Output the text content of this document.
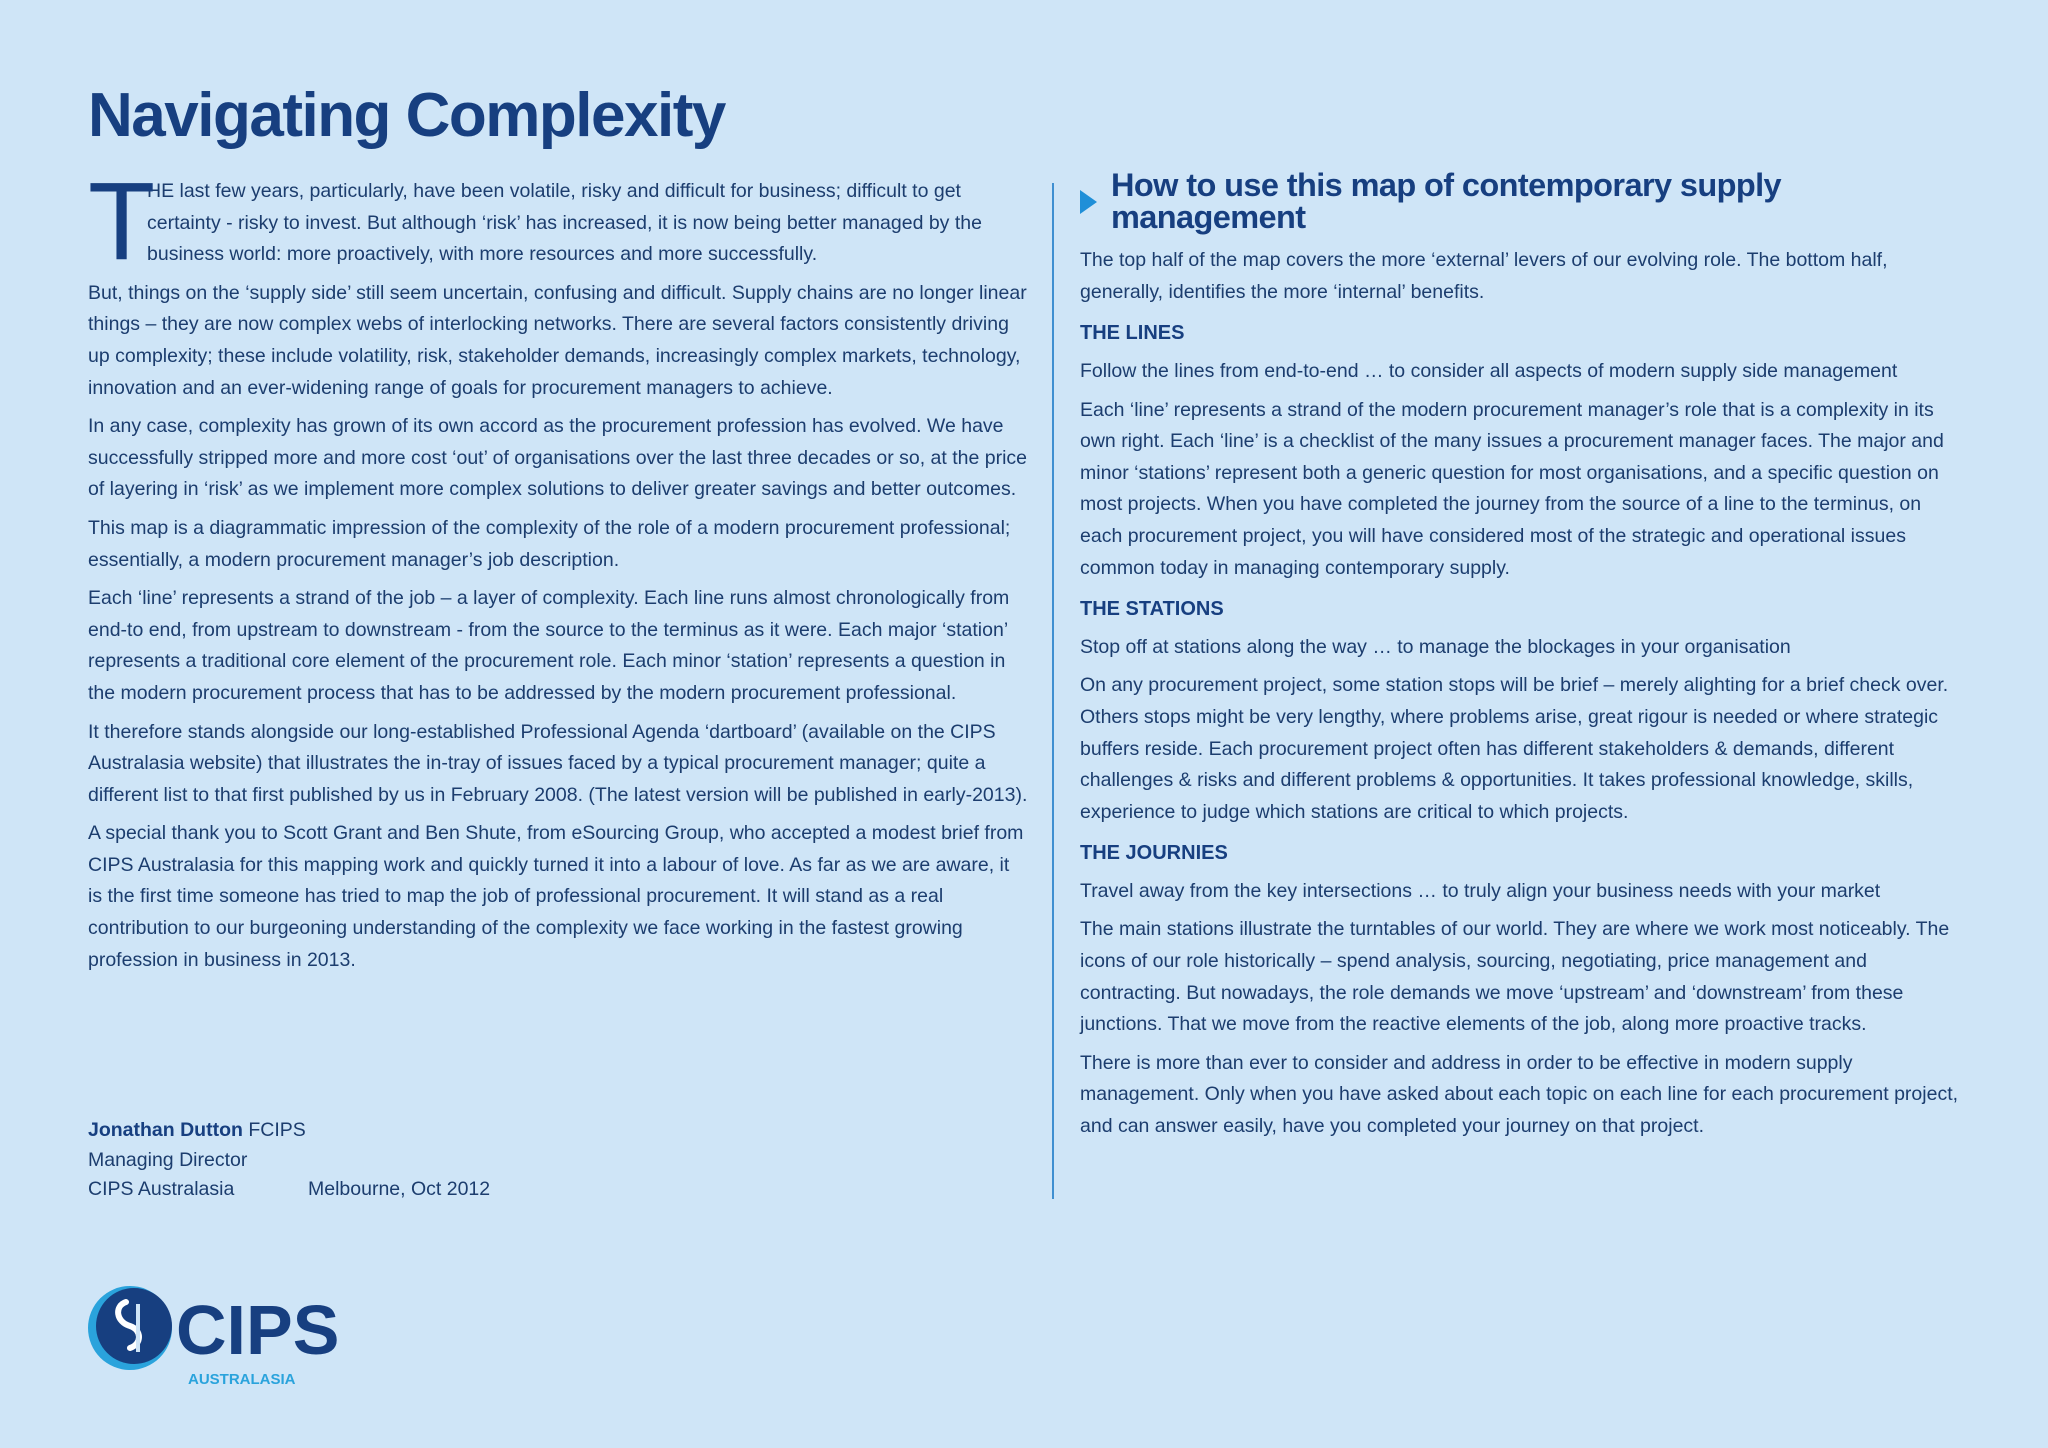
Navigating Complexity

T
HE last few years, particularly, have been volatile, risky and difficult for business; difficult to get certainty - risky to invest. But although ‘risk’ has increased, it is now being better managed by the business world: more proactively, with more resources and more successfully.

But, things on the ‘supply side’ still seem uncertain, confusing and difficult. Supply chains are no longer linear things – they are now complex webs of interlocking networks. There are several factors consistently driving up complexity; these include volatility, risk, stakeholder demands, increasingly complex markets, technology, innovation and an ever-widening range of goals for procurement managers to achieve.

In any case, complexity has grown of its own accord as the procurement profession has evolved. We have successfully stripped more and more cost ‘out’ of organisations over the last three decades or so, at the price of layering in ‘risk’ as we implement more complex solutions to deliver greater savings and better outcomes.

This map is a diagrammatic impression of the complexity of the role of a modern procurement professional; essentially, a modern procurement manager’s job description.

Each ‘line’ represents a strand of the job – a layer of complexity. Each line runs almost chronologically from end-to end, from upstream to downstream - from the source to the terminus as it were. Each major ‘station’ represents a traditional core element of the procurement role. Each minor ‘station’ represents a question in the modern procurement process that has to be addressed by the modern procurement professional.

It therefore stands alongside our long-established Professional Agenda ‘dartboard’ (available on the CIPS Australasia website) that illustrates the in-tray of issues faced by a typical procurement manager; quite a different list to that first published by us in February 2008. (The latest version will be published in early-2013).

A special thank you to Scott Grant and Ben Shute, from eSourcing Group, who accepted a modest brief from CIPS Australasia for this mapping work and quickly turned it into a labour of love. As far as we are aware, it is the first time someone has tried to map the job of professional procurement. It will stand as a real contribution to our burgeoning understanding of the complexity we face working in the fastest growing profession in business in 2013.

Jonathan Dutton FCIPS
Managing Director
CIPS Australasia	Melbourne, Oct 2012
How to use this map of contemporary supply management

The top half of the map covers the more ‘external’ levers of our evolving role. The bottom half, generally, identifies the more ‘internal’ benefits.

THE LINES

Follow the lines from end-to-end … to consider all aspects of modern supply side management

Each ‘line’ represents a strand of the modern procurement manager’s role that is a complexity in its own right. Each ‘line’ is a checklist of the many issues a procurement manager faces. The major and minor ‘stations’ represent both a generic question for most organisations, and a specific question on most projects. When you have completed the journey from the source of a line to the terminus, on each procurement project, you will have considered most of the strategic and operational issues common today in managing contemporary supply.

THE STATIONS

Stop off at stations along the way … to manage the blockages in your organisation

On any procurement project, some station stops will be brief – merely alighting for a brief check over. Others stops might be very lengthy, where problems arise, great rigour is needed or where strategic buffers reside. Each procurement project often has different stakeholders & demands, different challenges & risks and different problems & opportunities. It takes professional knowledge, skills, experience to judge which stations are critical to which projects.

THE JOURNIES

Travel away from the key intersections … to truly align your business needs with your market

The main stations illustrate the turntables of our world. They are where we work most noticeably. The icons of our role historically – spend analysis, sourcing, negotiating, price management and contracting. But nowadays, the role demands we move ‘upstream’ and ‘downstream’ from these junctions. That we move from the reactive elements of the job, along more proactive tracks.

There is more than ever to consider and address in order to be effective in modern supply management. Only when you have asked about each topic on each line for each procurement project, and can answer easily, have you completed your journey on that project.

CIPS
AUSTRALASIA
